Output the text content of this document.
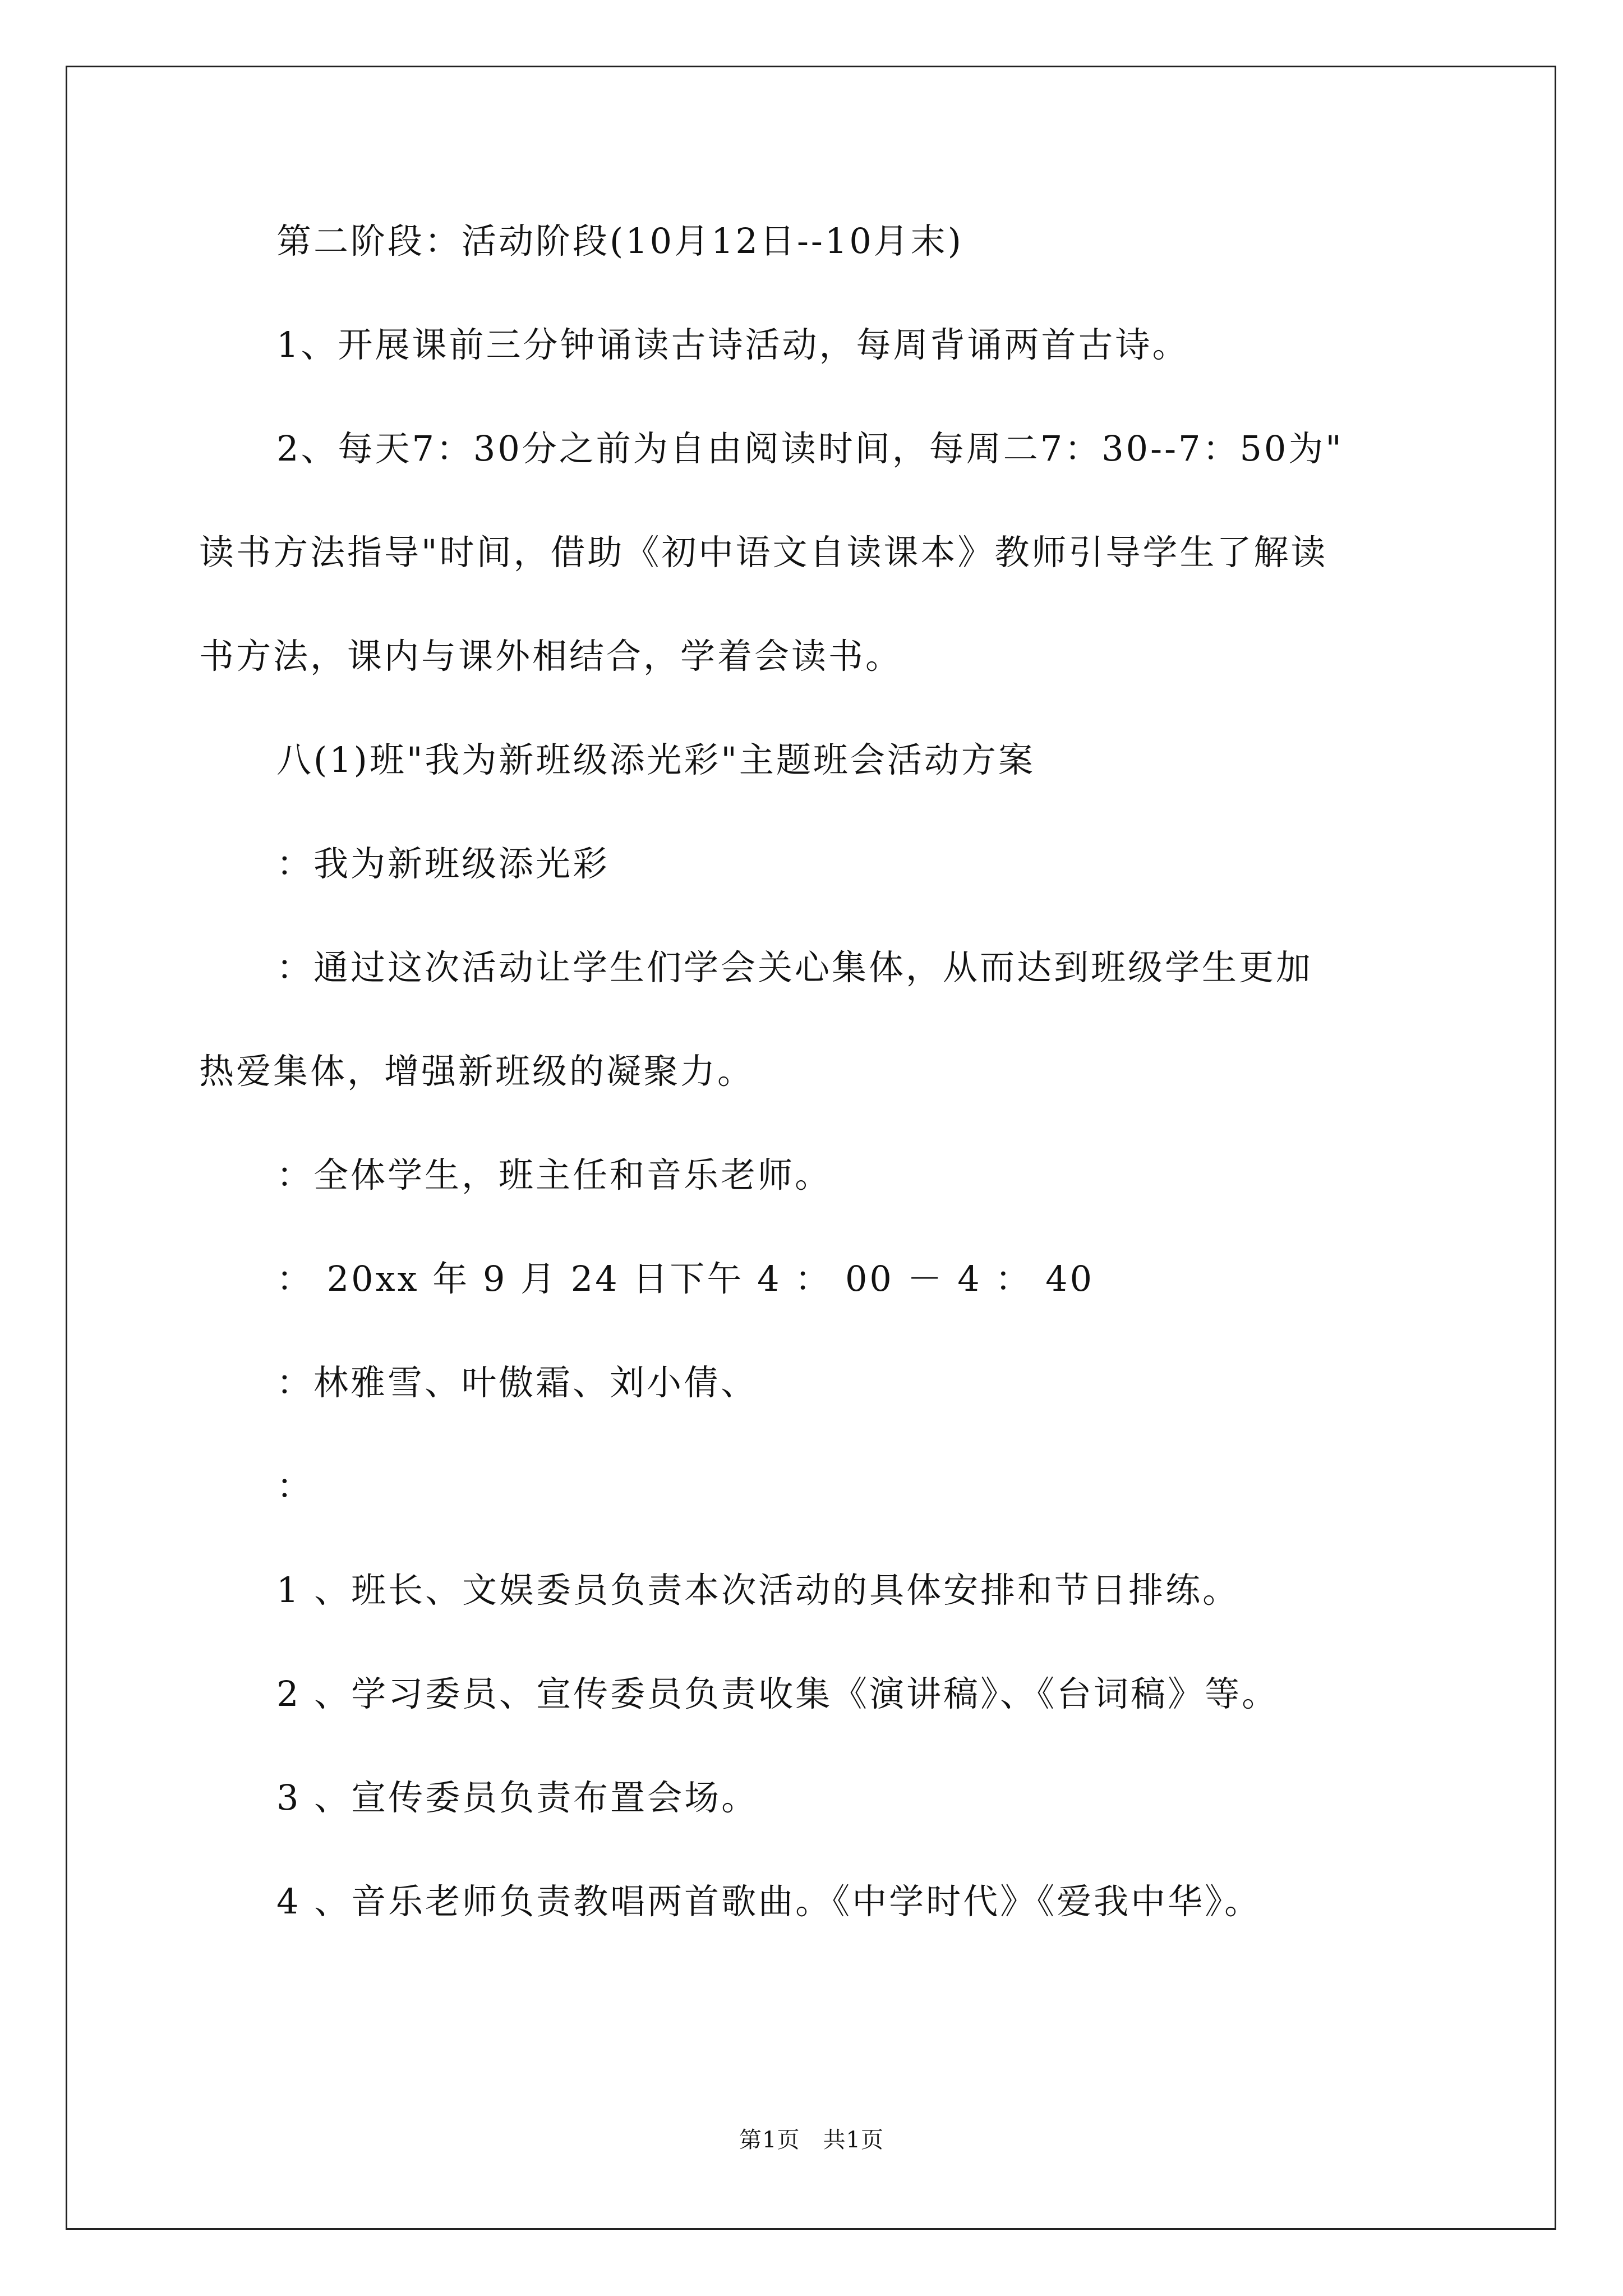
第二阶段：活动阶段(10月12日--10月末)
1、开展课前三分钟诵读古诗活动，每周背诵两首古诗。
2、每天7：30分之前为自由阅读时间，每周二7：30--7：50为"
读书方法指导"时间，借助《初中语文自读课本》教师引导学生了解读
书方法，课内与课外相结合，学着会读书。
八(1)班"我为新班级添光彩"主题班会活动方案
：我为新班级添光彩
：通过这次活动让学生们学会关心集体，从而达到班级学生更加
热爱集体，增强新班级的凝聚力。
：全体学生，班主任和音乐老师。
： 20xx 年 9 月 24 日下午 4 ： 00 － 4 ： 40
：林雅雪、叶傲霜、刘小倩、
：
1 、班长、文娱委员负责本次活动的具体安排和节日排练。
2 、学习委员、宣传委员负责收集《演讲稿》、《台词稿》等。
3 、宣传委员负责布置会场。
4 、音乐老师负责教唱两首歌曲。《中学时代》《爱我中华》。
第1页　共1页
